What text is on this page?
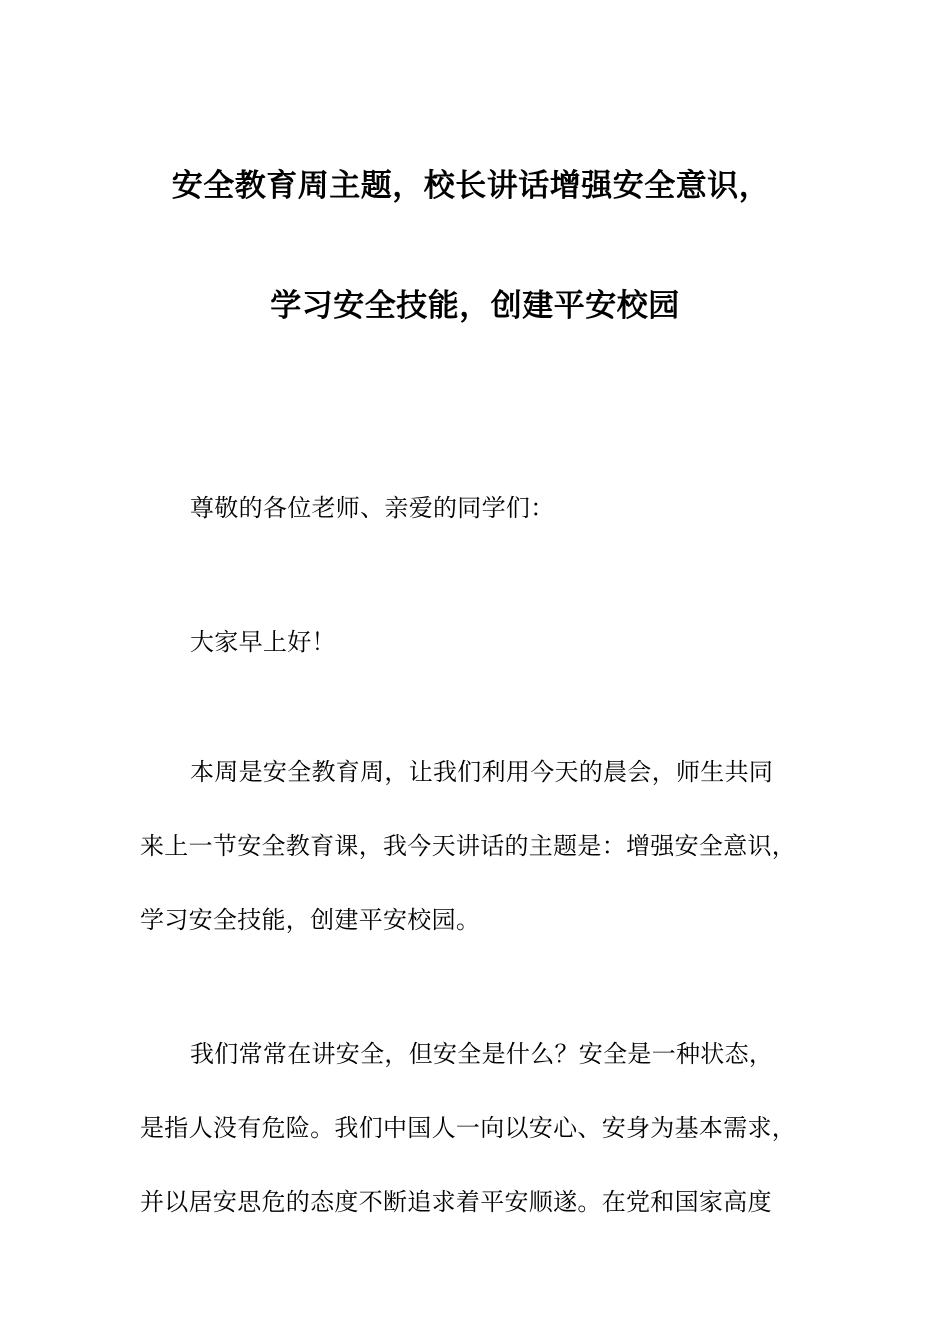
安全教育周主题，校长讲话增强安全意识，
学习安全技能，创建平安校园
尊敬的各位老师、亲爱的同学们：
大家早上好！
本周是安全教育周，让我们利用今天的晨会，师生共同
来上一节安全教育课，我今天讲话的主题是：增强安全意识，
学习安全技能，创建平安校园。
我们常常在讲安全，但安全是什么？安全是一种状态，
是指人没有危险。我们中国人一向以安心、安身为基本需求，
并以居安思危的态度不断追求着平安顺遂。在党和国家高度
